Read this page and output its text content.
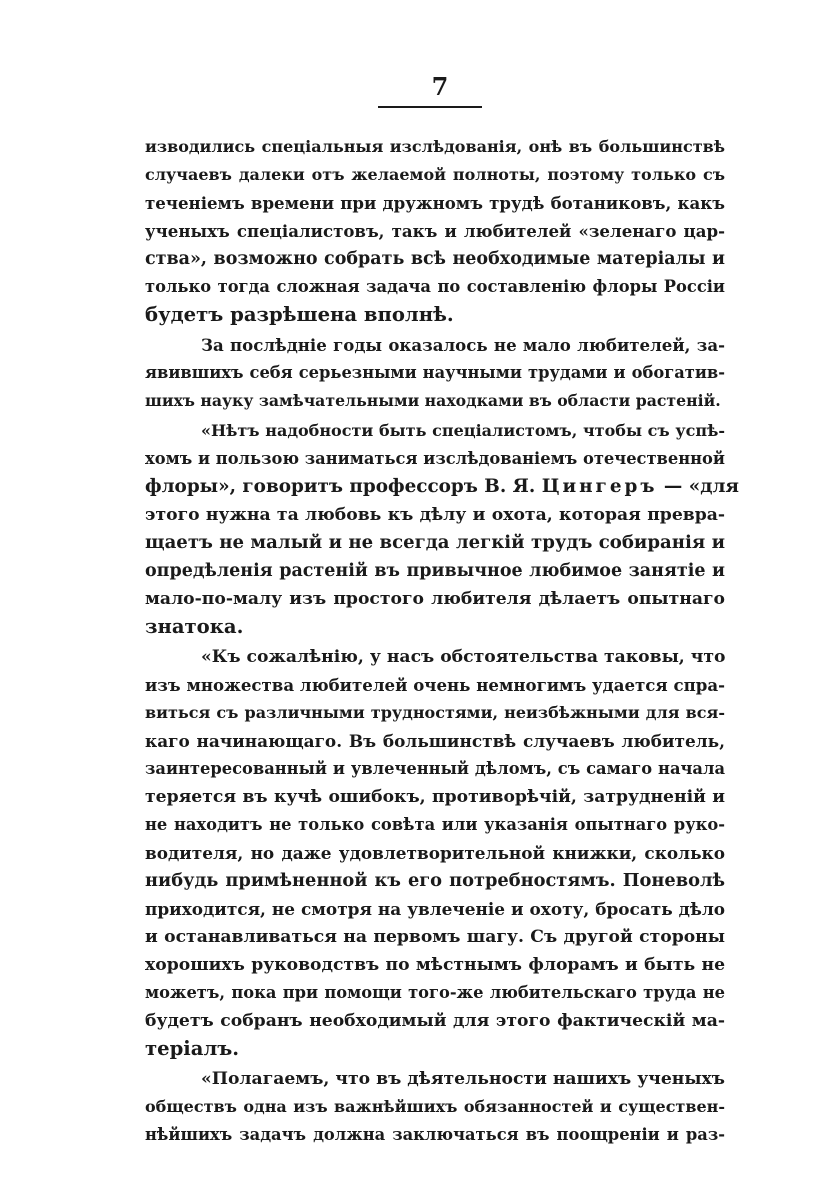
7
изводились спеціальныя изслѣдованія, онѣ въ большинствѣ
случаевъ далеки отъ желаемой полноты, поэтому только съ
теченіемъ времени при дружномъ трудѣ ботаниковъ, какъ
ученыхъ спеціалистовъ, такъ и любителей «зеленаго цар-
ства», возможно собрать всѣ необходимые матеріалы и
только тогда сложная задача по составленію флоры Россіи
будетъ разрѣшена вполнѣ.
За послѣдніе годы оказалось не мало любителей, за-
явившихъ себя серьезными научными трудами и обогатив-
шихъ науку замѣчательными находками въ области растеній.
«Нѣтъ надобности быть спеціалистомъ, чтобы съ успѣ-
хомъ и пользою заниматься изслѣдованіемъ отечественной
флоры», говоритъ профессоръ В. Я. Цингеръ — «для
этого нужна та любовь къ дѣлу и охота, которая превра-
щаетъ не малый и не всегда легкій трудъ собиранія и
опредѣленія растеній въ привычное любимое занятіе и
мало-по-малу изъ простого любителя дѣлаетъ опытнаго
знатока.
«Къ сожалѣнію, у насъ обстоятельства таковы, что
изъ множества любителей очень немногимъ удается спра-
виться съ различными трудностями, неизбѣжными для вся-
каго начинающаго. Въ большинствѣ случаевъ любитель,
заинтересованный и увлеченный дѣломъ, съ самаго начала
теряется въ кучѣ ошибокъ, противорѣчій, затрудненій и
не находитъ не только совѣта или указанія опытнаго руко-
водителя, но даже удовлетворительной книжки, сколько
нибудь примѣненной къ его потребностямъ. Поневолѣ
приходится, не смотря на увлеченіе и охоту, бросать дѣло
и останавливаться на первомъ шагу. Съ другой стороны
хорошихъ руководствъ по мѣстнымъ флорамъ и быть не
можетъ, пока при помощи того-же любительскаго труда не
будетъ собранъ необходимый для этого фактическій ма-
теріалъ.
«Полагаемъ, что въ дѣятельности нашихъ ученыхъ
обществъ одна изъ важнѣйшихъ обязанностей и существен-
нѣйшихъ задачъ должна заключаться въ поощреніи и раз-
